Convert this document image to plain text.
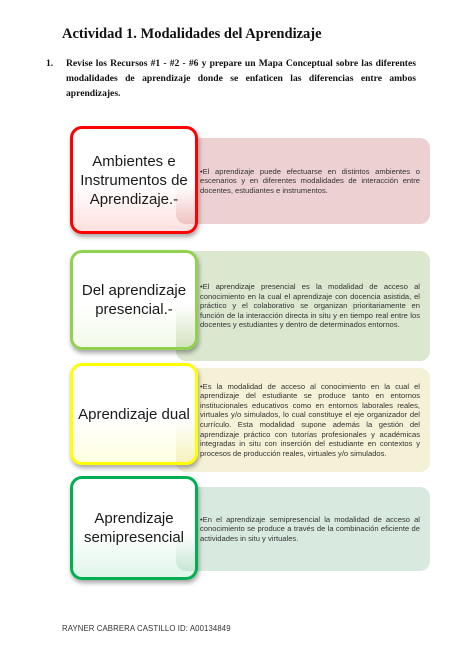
Actividad 1. Modalidades del Aprendizaje
1. Revise los Recursos #1 - #2 - #6 y prepare un Mapa Conceptual sobre las diferentes modalidades de aprendizaje donde se enfaticen las diferencias entre ambos aprendizajes.
•El aprendizaje puede efectuarse en distintos ambientes o escenarios y en diferentes modalidades de interacción entre docentes, estudiantes e instrumentos.
Ambientes e Instrumentos de Aprendizaje.-
•El aprendizaje presencial es la modalidad de acceso al conocimiento en la cual el aprendizaje con docencia asistida, el práctico y el colaborativo se organizan prioritariamente en función de la interacción directa in situ y en tiempo real entre los docentes y estudiantes y dentro de determinados entornos.
Del aprendizaje presencial.-
•Es la modalidad de acceso al conocimiento en la cual el aprendizaje del estudiante se produce tanto en entornos institucionales educativos como en entornos laborales reales, virtuales y/o simulados, lo cual constituye el eje organizador del currículo. Esta modalidad supone además la gestión del aprendizaje práctico con tutorías profesionales y académicas integradas in situ con inserción del estudiante en contextos y procesos de producción reales, virtuales y/o simulados.
Aprendizaje dual
•En el aprendizaje semipresencial la modalidad de acceso al conocimiento se produce a través de la combinación eficiente de actividades in situ y virtuales.
Aprendizaje semipresencial
RAYNER CABRERA CASTILLO ID: A00134849
